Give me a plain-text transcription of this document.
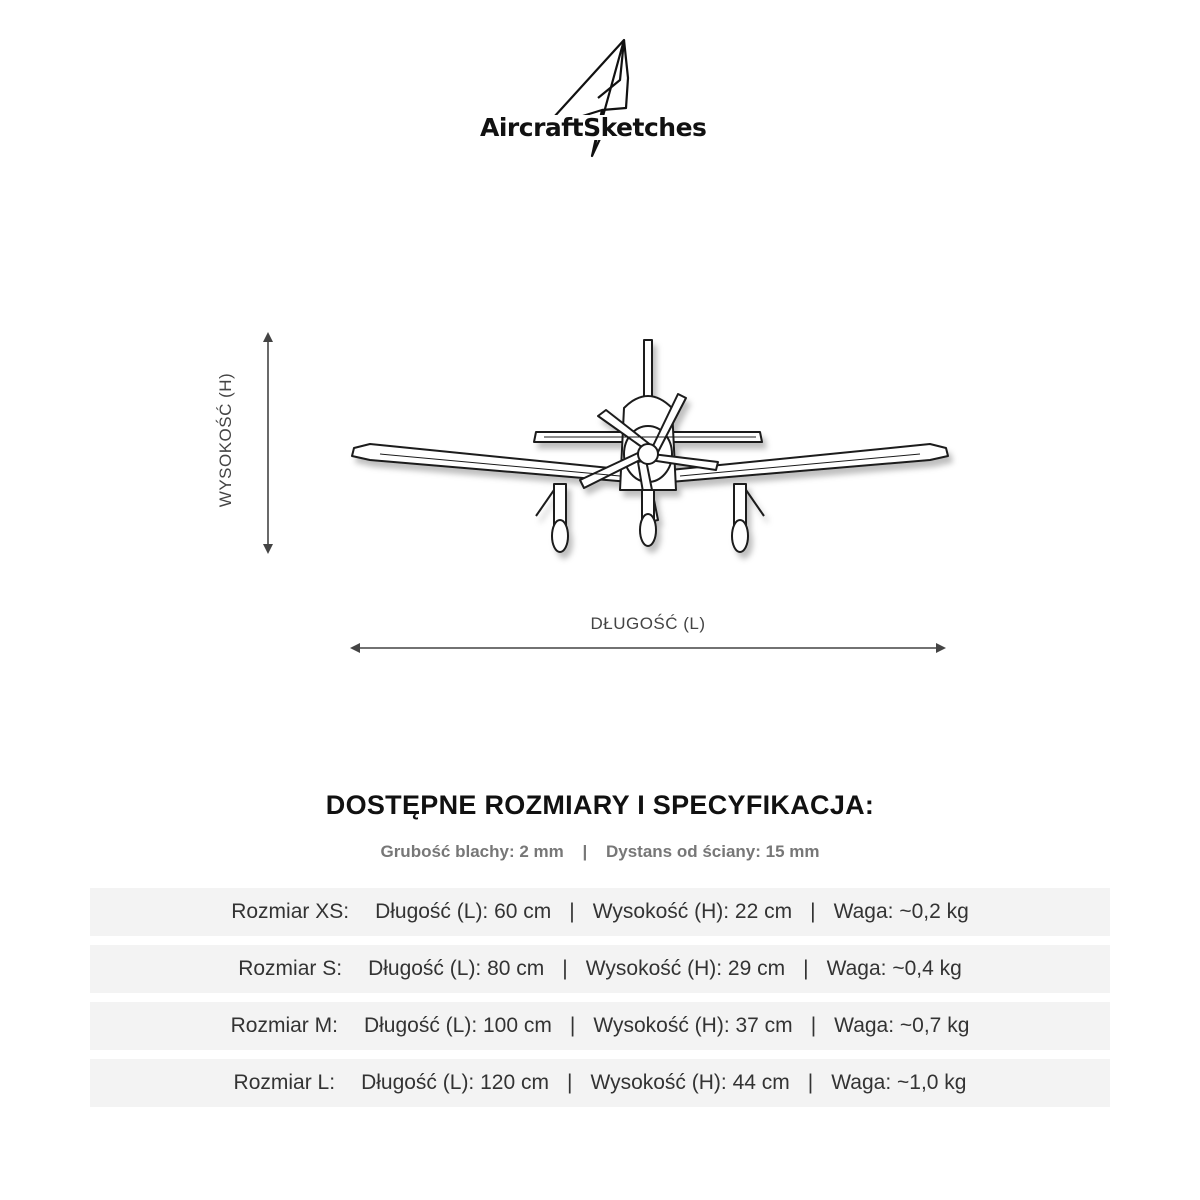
AircraftSketches
WYSOKOŚĆ (H)
DŁUGOŚĆ (L)
DOSTĘPNE ROZMIARY I SPECYFIKACJA:
Grubość blachy: 2 mm | Dystans od ściany: 15 mm
Rozmiar XS: Długość (L): 60 cm | Wysokość (H): 22 cm | Waga: ~0,2 kg
Rozmiar S: Długość (L): 80 cm | Wysokość (H): 29 cm | Waga: ~0,4 kg
Rozmiar M: Długość (L): 100 cm | Wysokość (H): 37 cm | Waga: ~0,7 kg
Rozmiar L: Długość (L): 120 cm | Wysokość (H): 44 cm | Waga: ~1,0 kg
